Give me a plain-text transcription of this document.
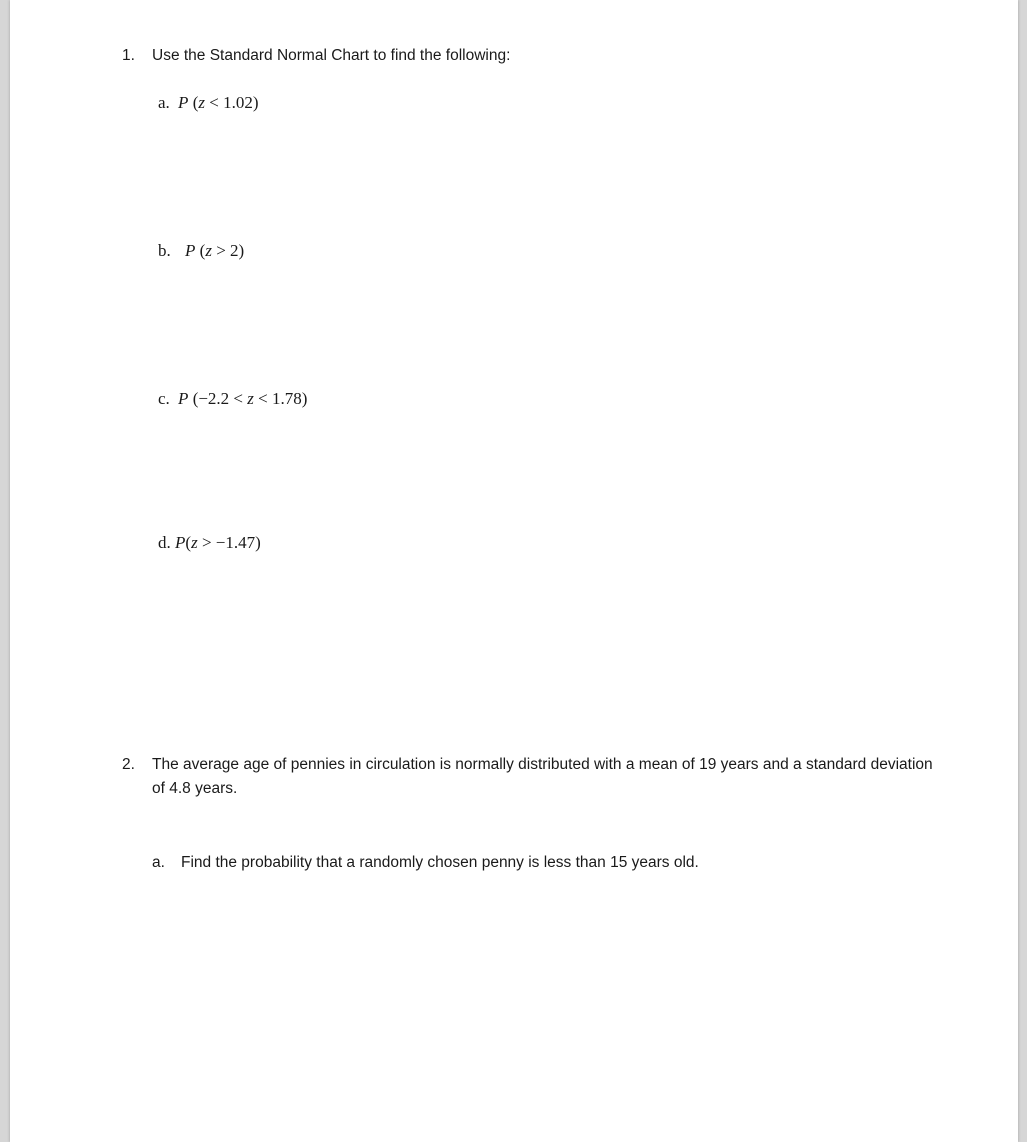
1. Use the Standard Normal Chart to find the following:
a. P (z < 1.02)
b. P (z > 2)
c. P (−2.2 < z < 1.78)
d. P(z > −1.47)
2. The average age of pennies in circulation is normally distributed with a mean of 19 years and a standard deviation of 4.8 years.
a. Find the probability that a randomly chosen penny is less than 15 years old.
